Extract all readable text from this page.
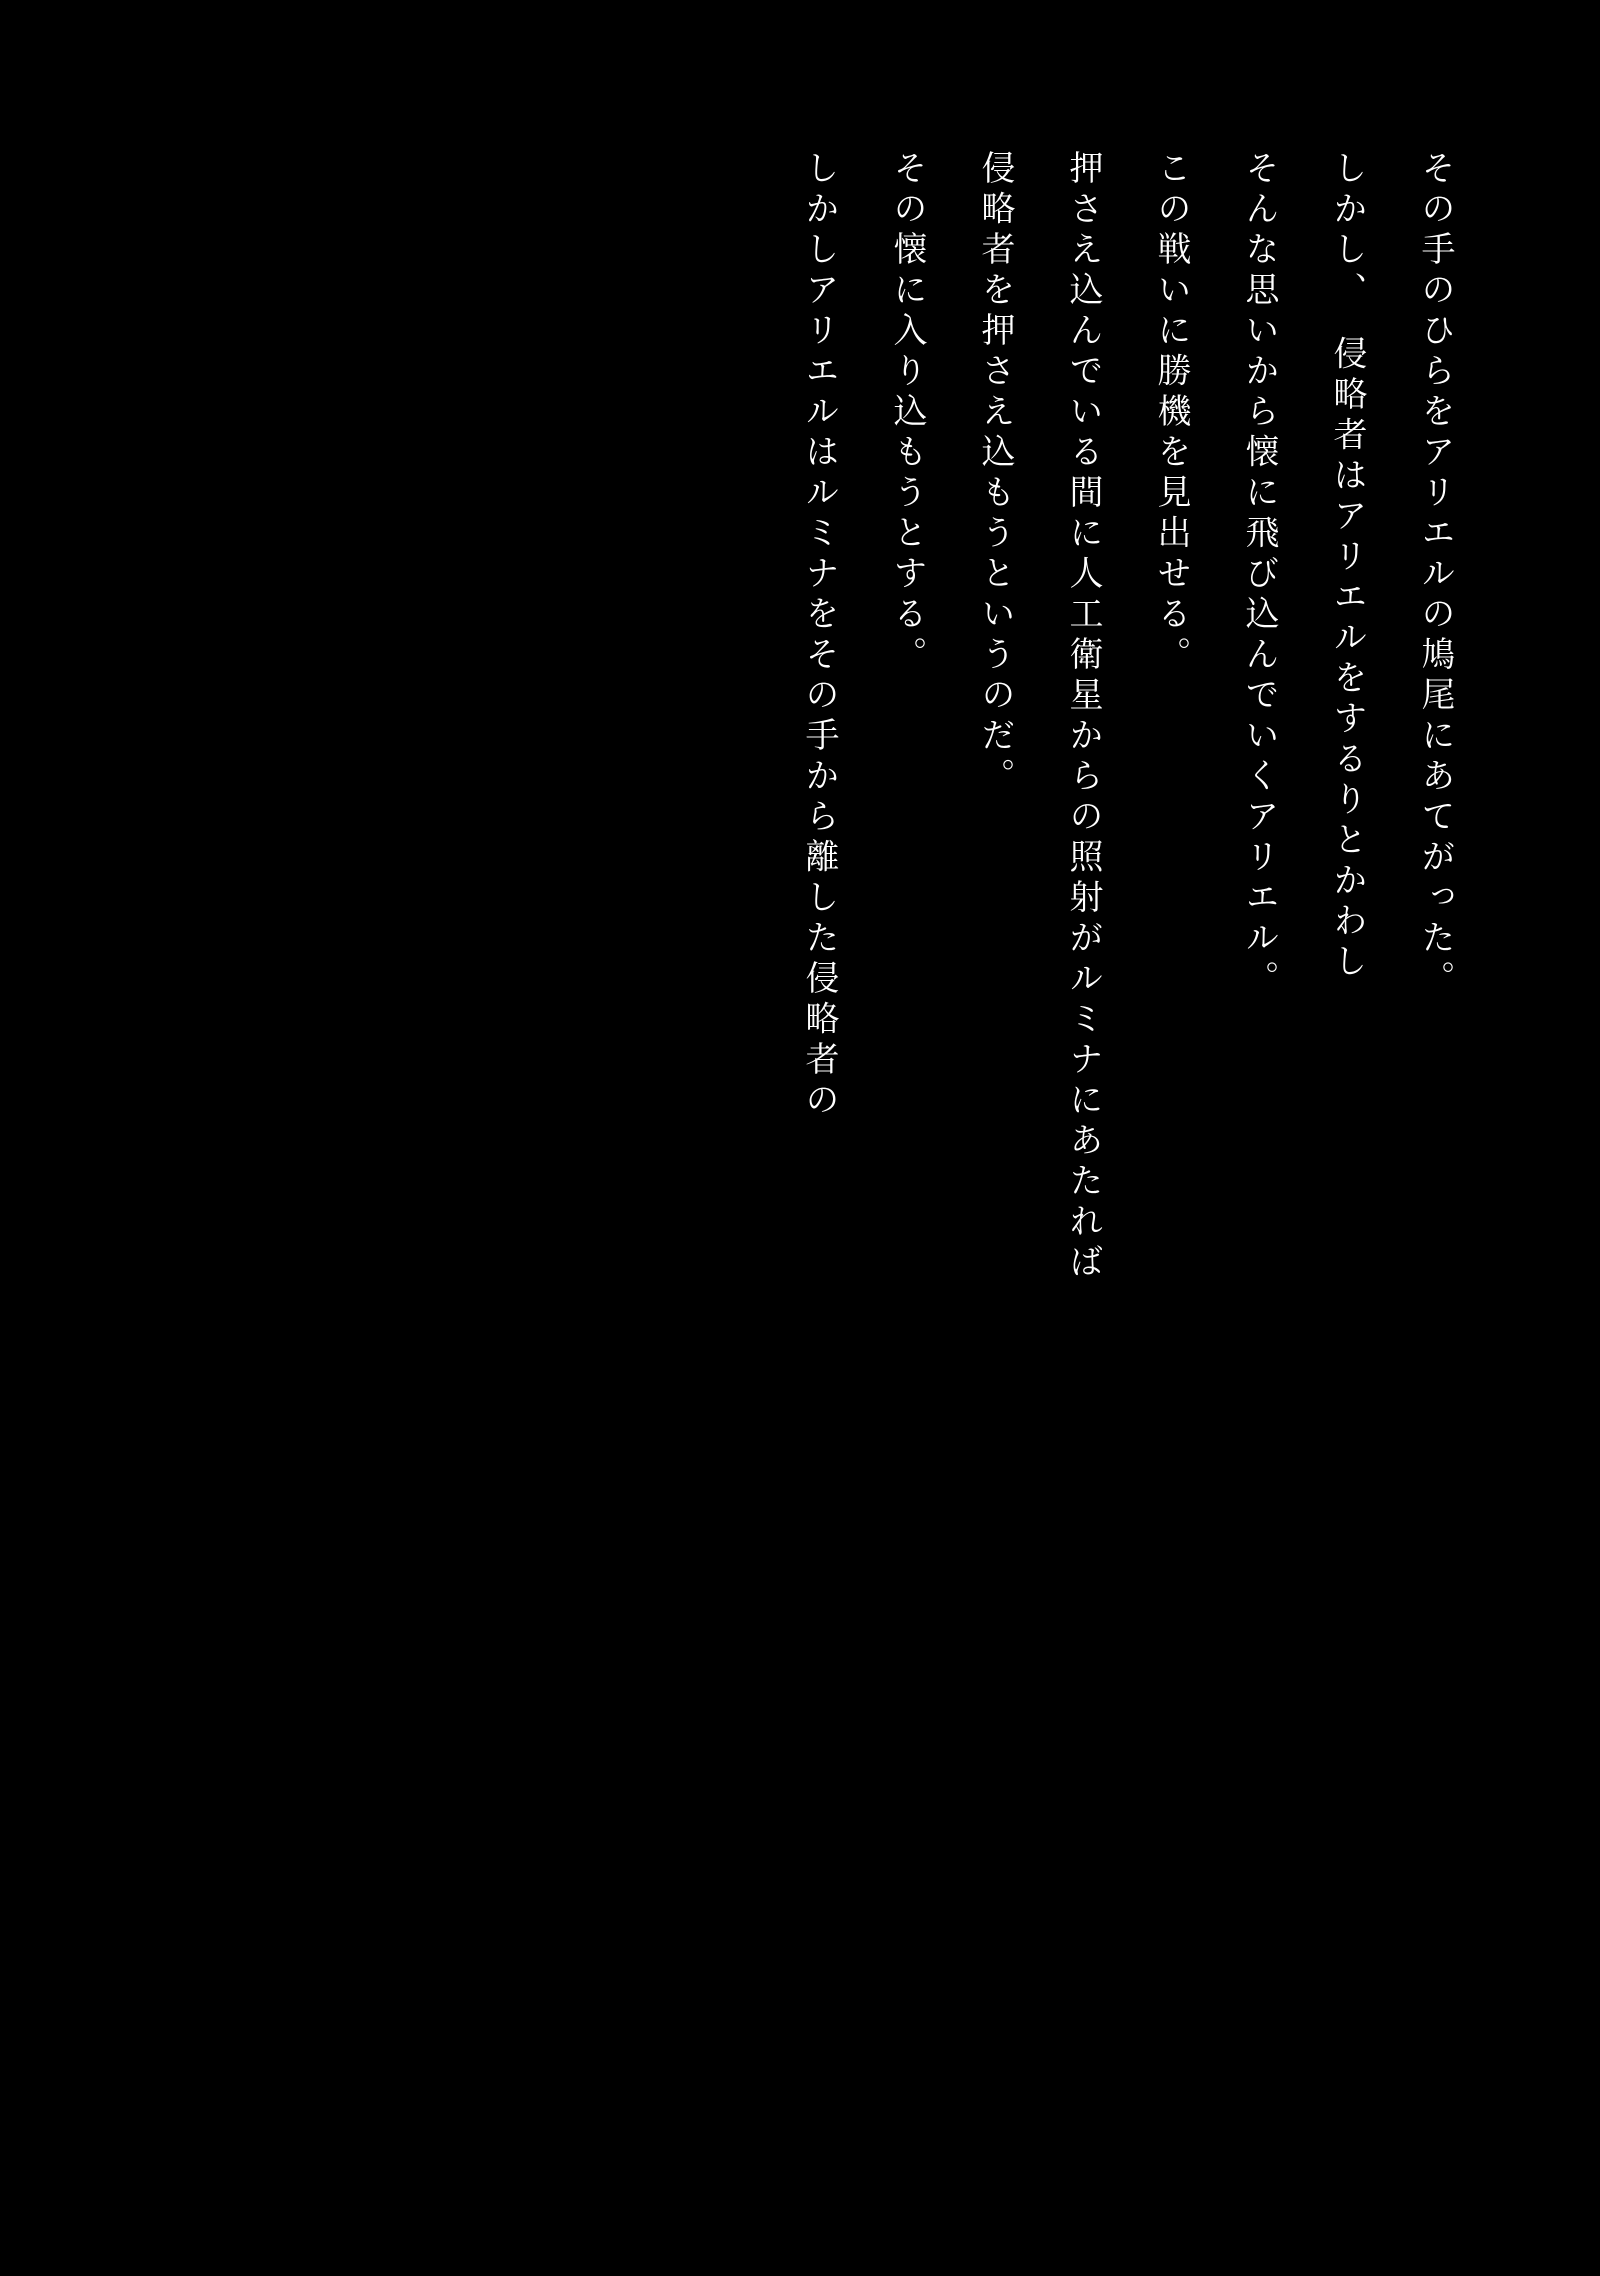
しかしアリエルはルミナをその手から離した侵略者の その懐に入り込もうとする。 侵略者を押さえ込もうというのだ。 押さえ込んでいる間に人工衛星からの照射がルミナにあたれば この戦いに勝機を見出せる。 そんな思いから懐に飛び込んでいくアリエル。 しかし、　侵略者はアリエルをするりとかわし その手のひらをアリエルの鳩尾にあてがった。
